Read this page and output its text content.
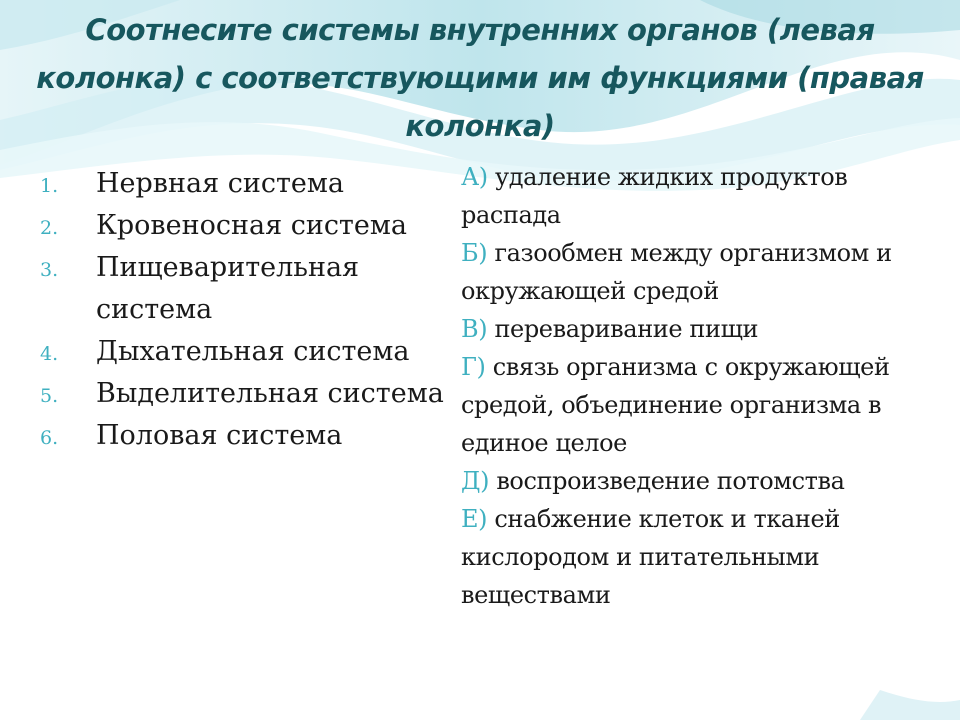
Соотнесите системы внутренних органов (левая колонка) с соответствующими им функциями (правая колонка)
1. Нервная система
2. Кровеносная система
3. Пищеварительная система
4. Дыхательная система
5. Выделительная система
6. Половая система
А) удаление жидких продуктов распада
Б) газообмен между организмом и окружающей средой
В) переваривание пищи
Г) связь организма с окружающей средой, объединение организма в единое целое
Д) воспроизведение потомства
Е) снабжение клеток и тканей кислородом и питательными веществами
